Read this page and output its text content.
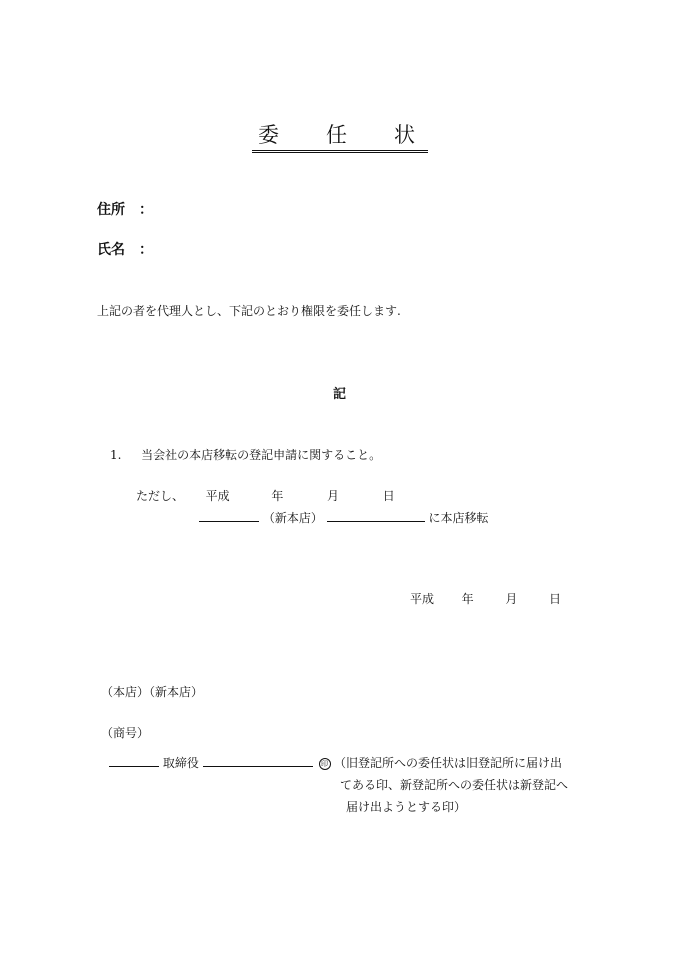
委　任　状
住所　：
氏名　：
上記の者を代理人とし、下記のとおり権限を委任します.
記
1. 当会社の本店移転の登記申請に関すること。
ただし、 平成	年	月	日
（新本店）	に本店移転
平成 年	月	日
（本店）（新本店）
（商号）
取締役	印 （旧登記所への委任状は旧登記所に届け出
てある印、新登記所への委任状は新登記へ
届け出ようとする印）
